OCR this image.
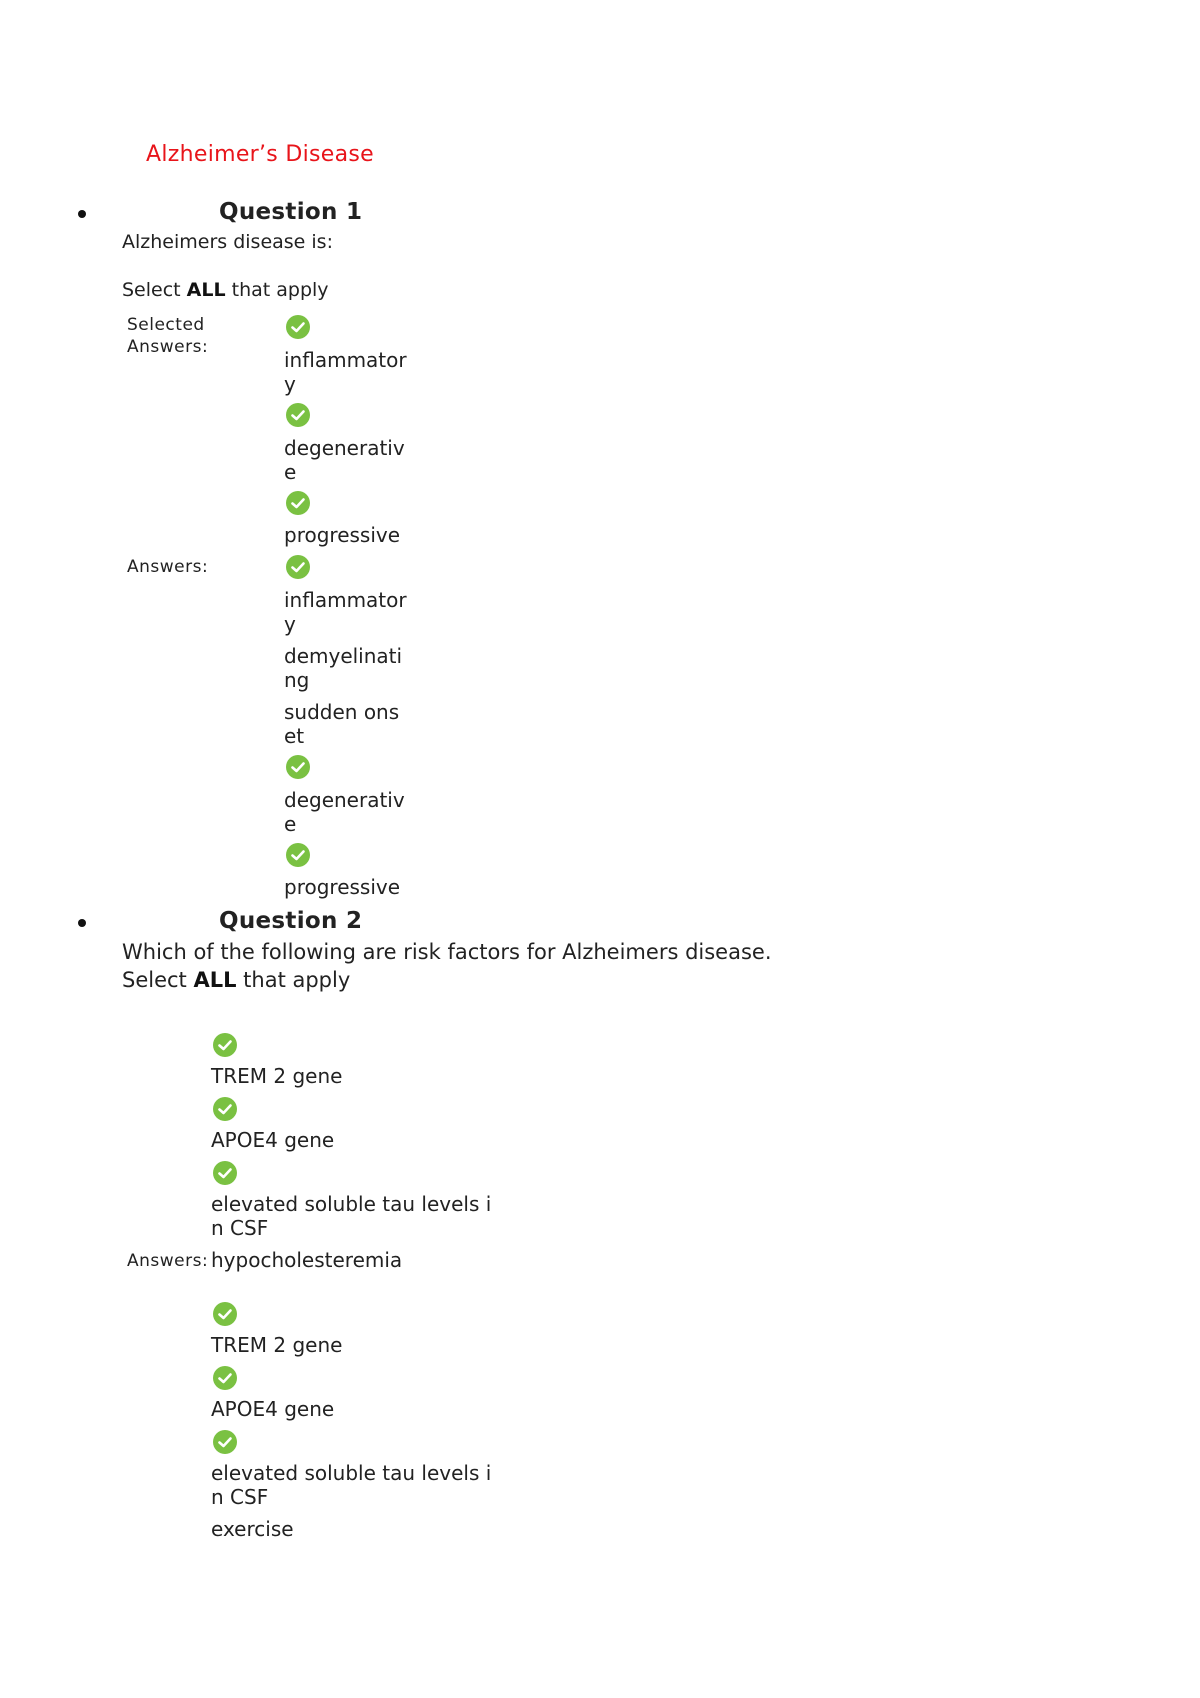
Alzheimer’s Disease
Question 1
Alzheimers disease is:
Select ALL that apply
Selected Answers:
inflammatory
degenerative
progressive
Answers:
inflammatory
demyelinating
sudden onset
degenerative
progressive
Question 2
Which of the following are risk factors for Alzheimers disease.
Select ALL that apply
TREM 2 gene
APOE4 gene
elevated soluble tau levels in CSF
Answers: hypocholesteremia
TREM 2 gene
APOE4 gene
elevated soluble tau levels in CSF
exercise
